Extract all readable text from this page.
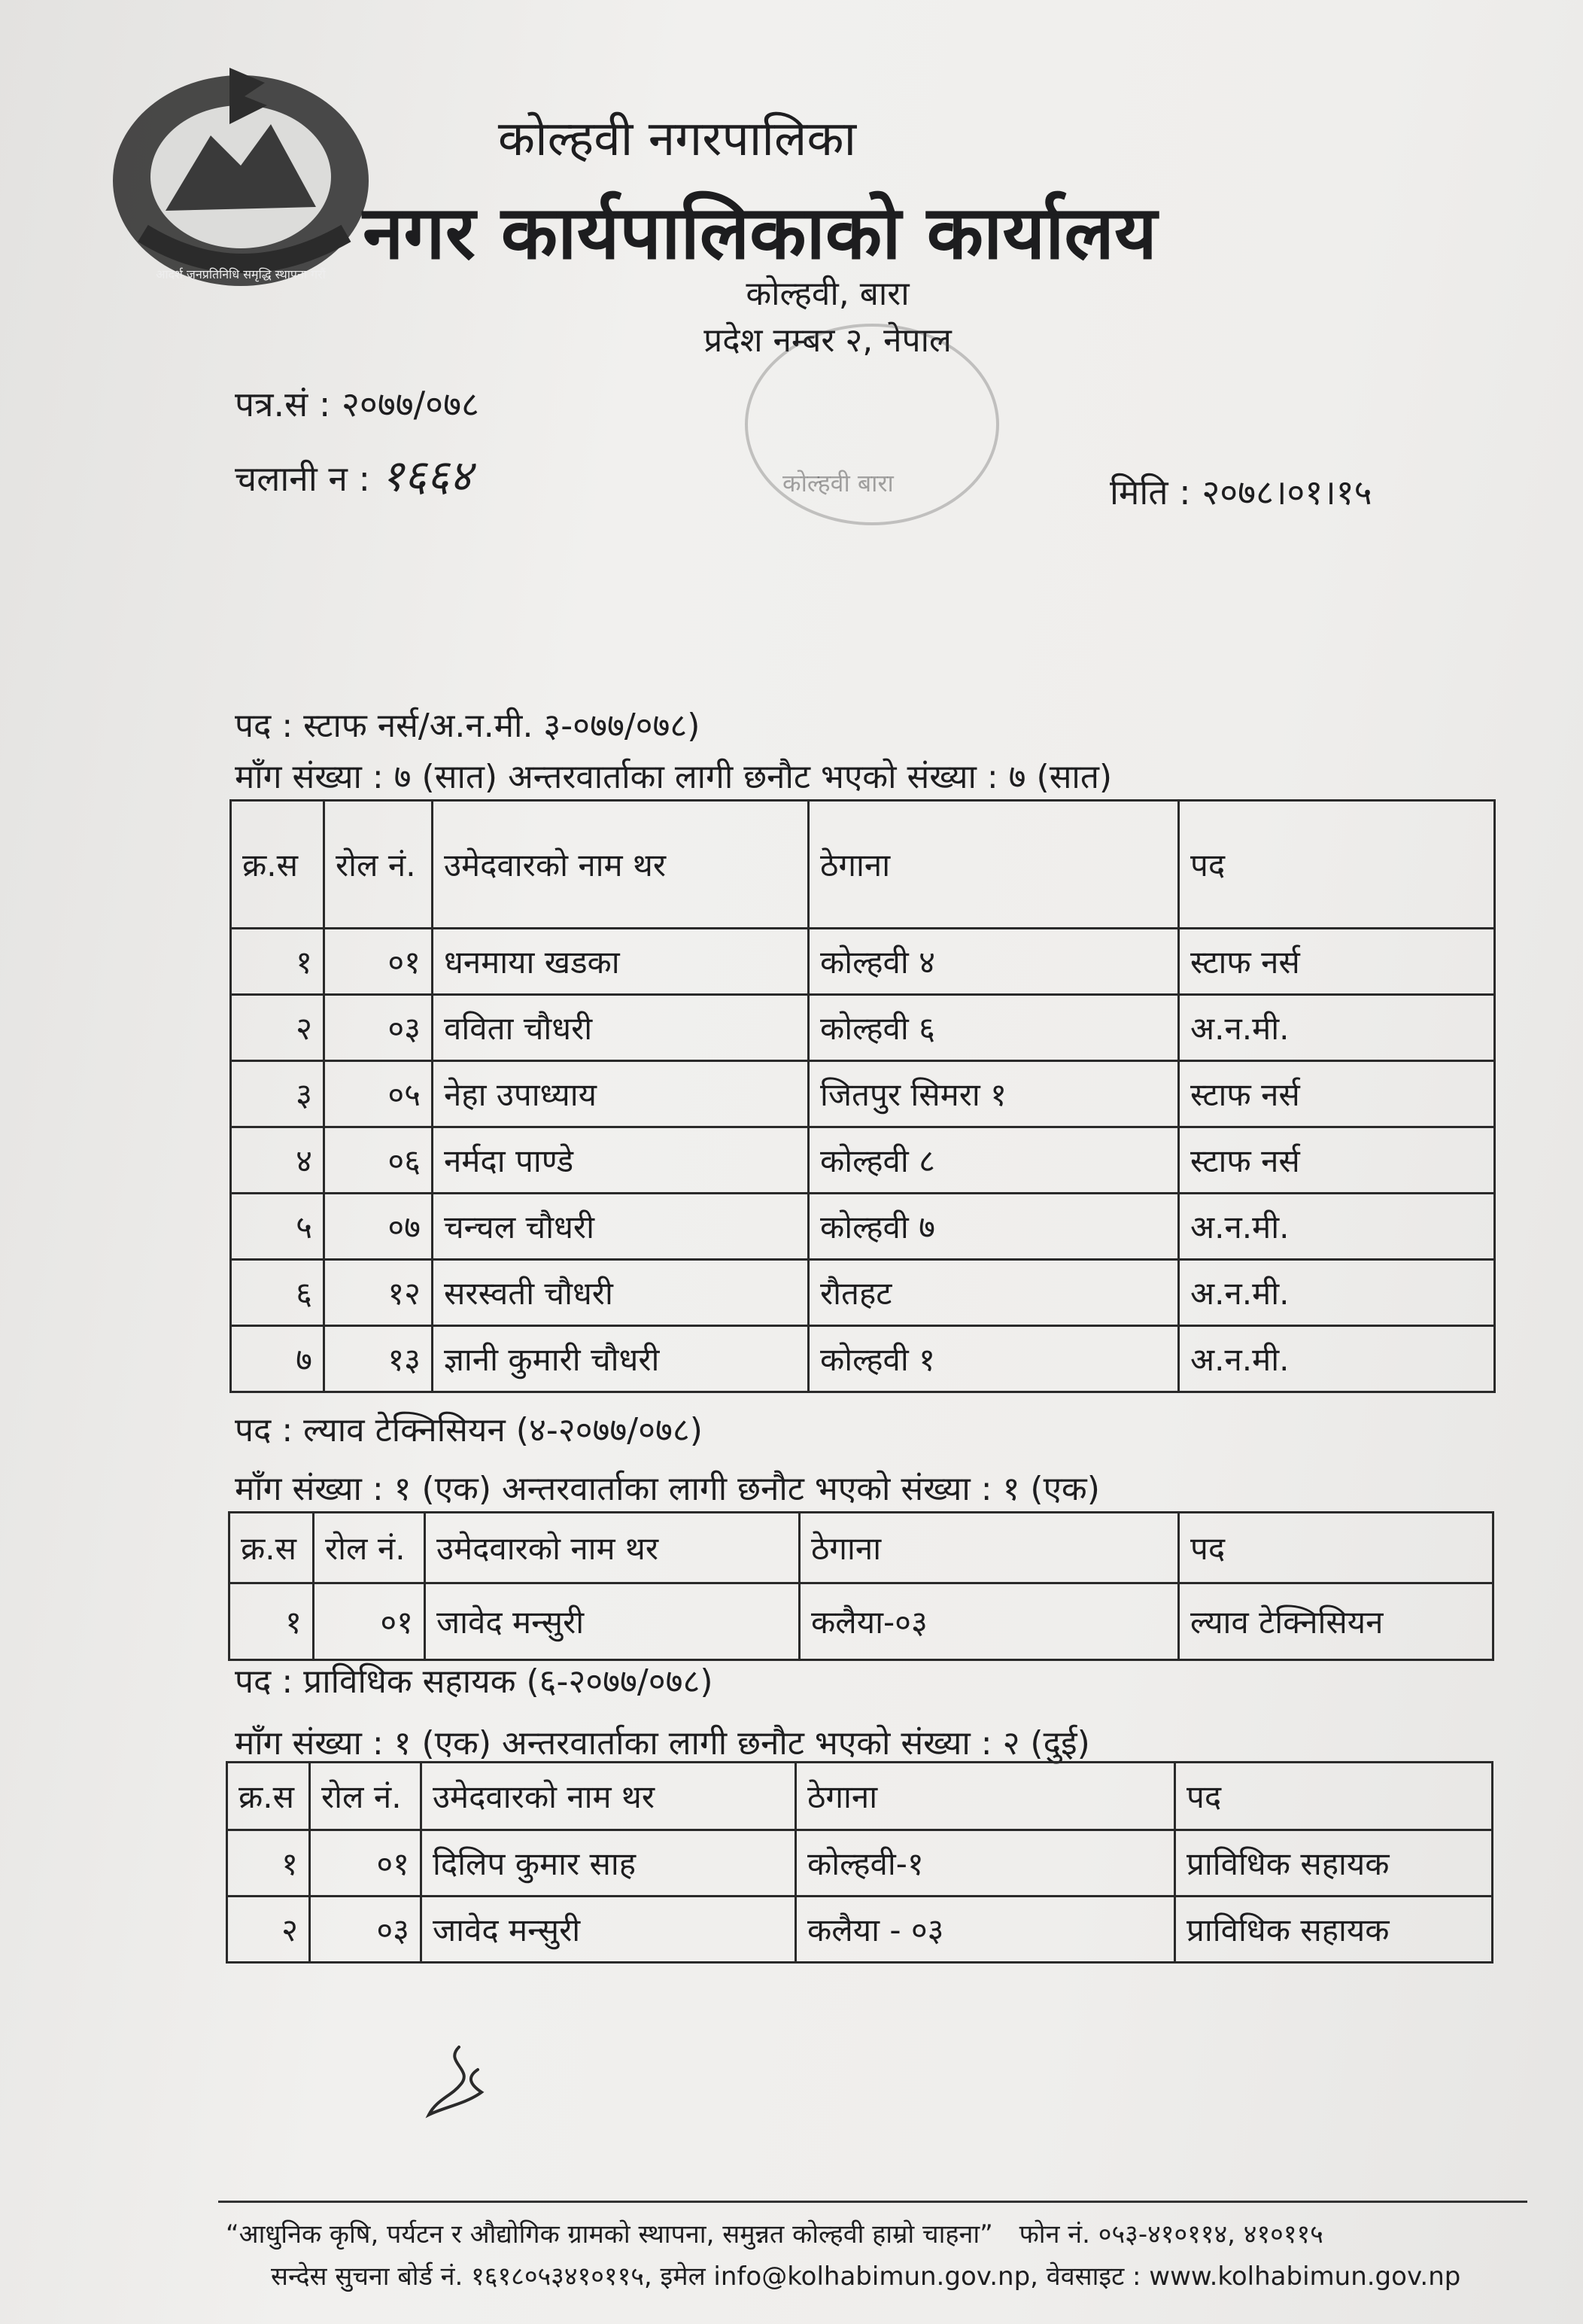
आदर्श जनप्रतिनिधि समृद्धि स्थापना गरौं
कोल्हवी नगरपालिका
नगर कार्यपालिकाको कार्यालय
कोल्हवी, बारा
प्रदेश नम्बर २, नेपाल
कोल्हवी बारा
पत्र.सं : २०७७/०७८
चलानी न : १६६४	मिति : २०७८।०१।१५
पद : स्टाफ नर्स/अ.न.मी. ३-०७७/०७८)
माँग संख्या : ७ (सात) अन्तरवार्ताका लागी छनौट भएको संख्या : ७ (सात)
क्र.स	रोल नं.	उमेदवारको नाम थर	ठेगाना	पद
१	०१	धनमाया खडका	कोल्हवी ४	स्टाफ नर्स
२	०३	वविता चौधरी	कोल्हवी ६	अ.न.मी.
३	०५	नेहा उपाध्याय	जितपुर सिमरा १	स्टाफ नर्स
४	०६	नर्मदा पाण्डे	कोल्हवी ८	स्टाफ नर्स
५	०७	चन्चल चौधरी	कोल्हवी ७	अ.न.मी.
६	१२	सरस्वती चौधरी	रौतहट	अ.न.मी.
७	१३	ज्ञानी कुमारी चौधरी	कोल्हवी १	अ.न.मी.
पद : ल्याव टेक्निसियन (४-२०७७/०७८)
माँग संख्या : १ (एक) अन्तरवार्ताका लागी छनौट भएको संख्या : १ (एक)
क्र.स	रोल नं.	उमेदवारको नाम थर	ठेगाना	पद
१	०१	जावेद मन्सुरी	कलैया-०३	ल्याव टेक्निसियन
पद : प्राविधिक सहायक (६-२०७७/०७८)
माँग संख्या : १ (एक) अन्तरवार्ताका लागी छनौट भएको संख्या : २ (दुई)
क्र.स	रोल नं.	उमेदवारको नाम थर	ठेगाना	पद
१	०१	दिलिप कुमार साह	कोल्हवी-१	प्राविधिक सहायक
२	०३	जावेद मन्सुरी	कलैया - ०३	प्राविधिक सहायक
“आधुनिक कृषि, पर्यटन र औद्योगिक ग्रामको स्थापना, समुन्नत कोल्हवी हाम्रो चाहना” फोन नं. ०५३-४१०११४, ४१०११५
सन्देस सुचना बोर्ड नं. १६१८०५३४१०११५, इमेल info@kolhabimun.gov.np, वेवसाइट : www.kolhabimun.gov.np
